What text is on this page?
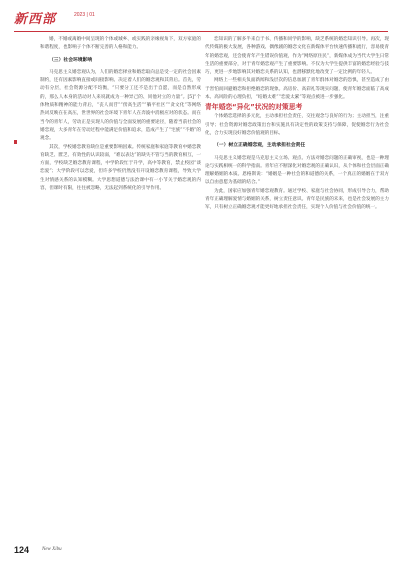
新西部	2023 | 01

婚，不婚或离婚中间呈现的个体或城乡、或实践的亲缘视角下，双方家庭的和谐程度，也影响子个体不断完善的人格和能力。

（三）社会环境影响

马克思主义婚恋观认为，人们的婚恋择业和婚恋取向总是受一定的社会因素制约，还有因素影响直接或间接影响、决定着人们的婚恋观和其背后。首先，劳动有分层，社会资源分配不均衡，“只要分工还不是出于自愿，而是自然形成的，那么人本身的活动对人来说就成为一种异己的、同他对立的力量”。[5]“个体物质和精神的能力背后，“丧人而苷”“傍高生活”“躺平社区”“贪文化”等网络热词反映在在高压，世世界的社会环境下青年人在奔波中消极应对的状态。而在当今的青年人，劳动正是实现人的价值与全面发展的重要途径，随着当前社会的婚恋观，大多青年在劳动过程中能满足价值和追求，造成产生了“宅族”“不婚”的观念。

其次，学校婚恋教育缺位是重要影响因素。传统家庭和家庭等教育中婚恋教育缺乏、匮乏、有效性的认识较弱，“难以表达”的缺失不管与当的教育相互，一方面，学校缺乏婚恋教育课程，中学阶段忙于升学，高中等教育，禁止校园“谈恋爱”；大学阶段可以恋爱，但许多学校仍然没有开设婚恋教育课程，导致大学生对情感关系的认知模糊。大学思想道德与法治课中有一小节关于婚恋观的内容，但课时有限，往往被忽略，无法起到系统化的引导作用。

恋知识的了解多半来自于书、传播和同学的影响，缺乏系统的婚恋知识引导。再次，现代传媒的极大发展，各种游戏、偶像剧的婚恋文化在新媒体平台快速传播和流行，容易使青年的婚恋观，还会使青年产生错误价值观，作为“网络原住民”，新媒体成为当代大学生日常生活的重要部分，对于青年婚恋观产生了重要影响。不仅为大学生提供丰富的婚恋经验与技巧，更进一步地影响其对婚恋关系的认知，也潜移默化地改变了一定比例的年轻人。

网络上一些相关负面新闻和浅层次的信息加剧了青年群体对婚恋的恐惧，甚至造成了由于害怕而回避婚恋和拒绝婚恋的现象。高房价、高彩礼等现实问题，使青年婚恋面临了高成本、高风险的心理负担，“结婚太难”“恋爱太累”等观点被进一步强化。

青年婚恋“异化”状况的对策思考

个体婚恋选择的多元化，主动承担社会责任，交往观念与良好的行为；主动担当，注重引导；社会资源对婚恋政策出台和实施具有决定性的政策支持与保障，促使婚恋行为社会化，合力实现良好婚恋价值观的目标。

（一）树立正确婚恋观，主动承担社会责任

马克思主义婚恋观是马克思主义立场、观点、方法对婚恋问题的正确审视，也是一种理论与实践相统一的科学指南。青年应不断深化对婚恋观的正确认识，从个体和社会层面正确理解婚姻的本质。恩格斯说：“婚姻是一种社会的和道德的关系，一个真正的婚姻在于双方以自由意愿为基础的结合。”

为此，国家应加强青年婚恋观教育。通过学校、家庭与社会协同，形成引导合力，帮助青年正确理解爱情与婚姻的关系，树立责任意识。青年是民族的未来，也是社会发展的主力军，只有树立正确婚恋观才能更好地承担社会责任，实现个人价值与社会价值的统一。

124	New Xibu
